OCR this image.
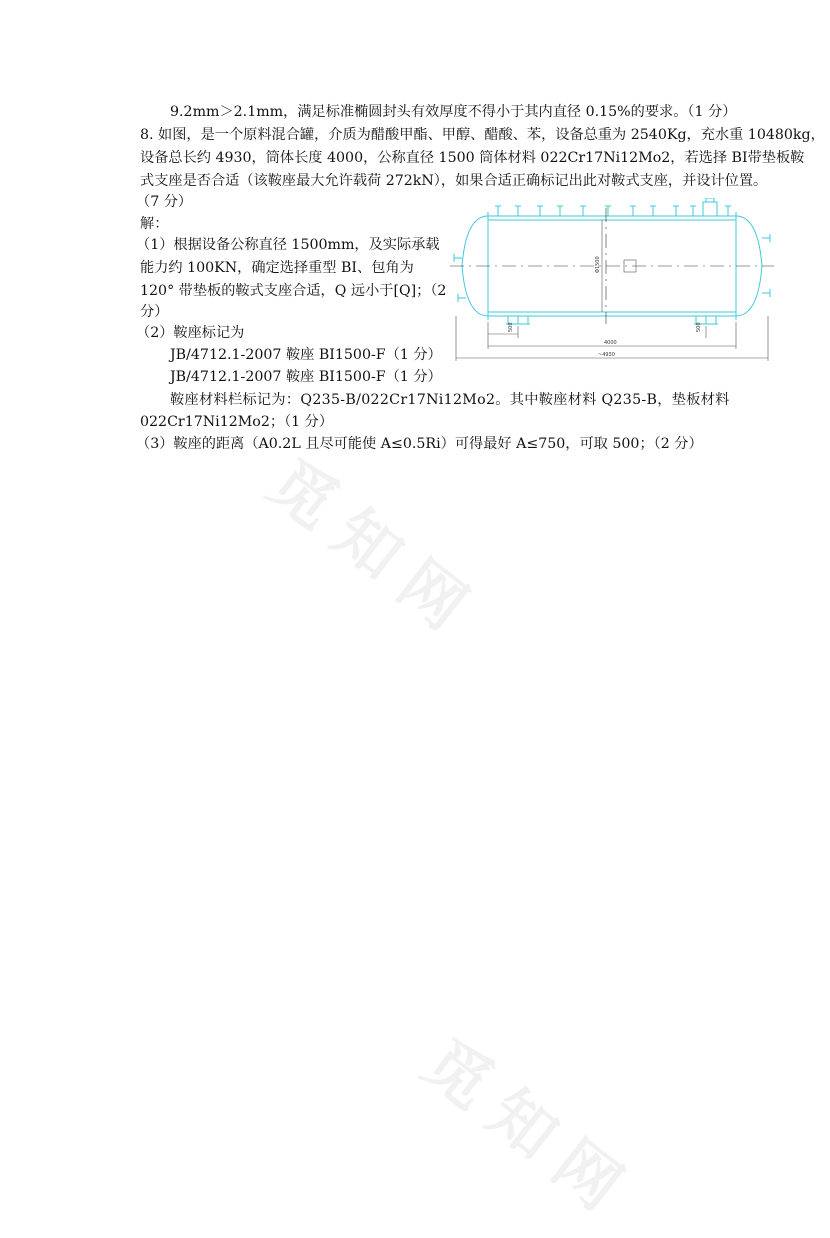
觅知网
觅知网
9.2mm＞2.1mm，满足标准椭圆封头有效厚度不得小于其内直径 0.15%的要求。（1 分）
8. 如图，是一个原料混合罐，介质为醋酸甲酯、甲醇、醋酸、苯，设备总重为 2540Kg，充水重 10480kg，
设备总长约 4930，筒体长度 4000，公称直径 1500 筒体材料 022Cr17Ni12Mo2，若选择 BⅠ带垫板鞍
式支座是否合适（该鞍座最大允许载荷 272kN），如果合适正确标记出此对鞍式支座，并设计位置。
（7 分）
解：
（1）根据设备公称直径 1500mm，及实际承载
能力约 100KN，确定选择重型 BⅠ、包角为
120° 带垫板的鞍式支座合适，Q 远小于[Q]；（2
分）
（2）鞍座标记为
JB/4712.1-2007 鞍座 BⅠ1500-F（1 分）
JB/4712.1-2007 鞍座 BⅠ1500-F（1 分）
鞍座材料栏标记为：Q235-B/022Cr17Ni12Mo2。其中鞍座材料 Q235-B，垫板材料
022Cr17Ni12Mo2；（1 分）
（3）鞍座的距离（A0.2L 且尽可能使 A≤0.5Ri）可得最好 A≤750，可取 500；（2 分）
Φ1500
500	500
4000
~4930
